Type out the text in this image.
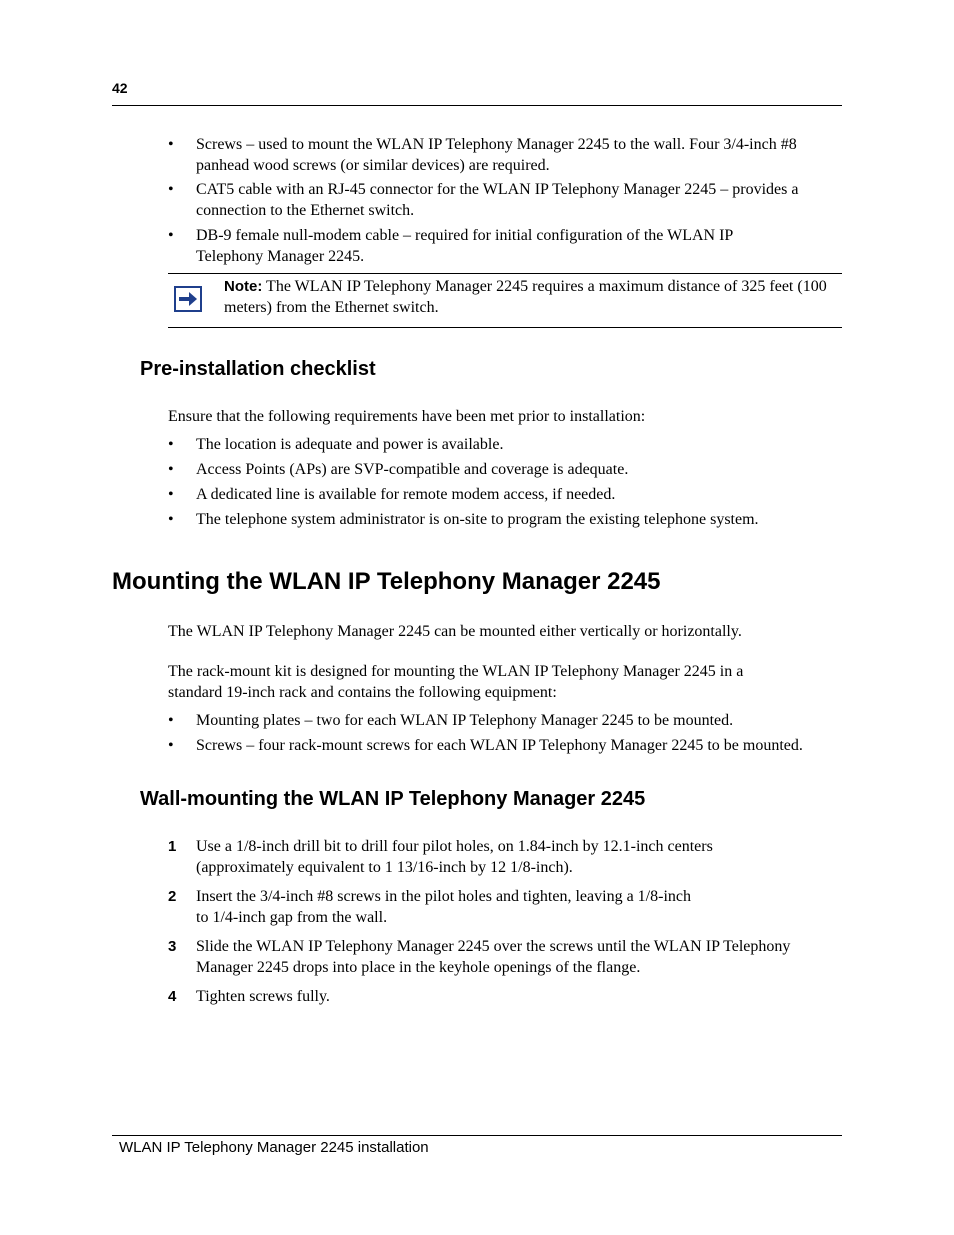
42
• Screws – used to mount the WLAN IP Telephony Manager 2245 to the wall. Four 3/4-inch #8 panhead wood screws (or similar devices) are required.
• CAT5 cable with an RJ-45 connector for the WLAN IP Telephony Manager 2245 – provides a connection to the Ethernet switch.
• DB-9 female null-modem cable – required for initial configuration of the WLAN IP Telephony Manager 2245.
Note: The WLAN IP Telephony Manager 2245 requires a maximum distance of 325 feet (100 meters) from the Ethernet switch.
Pre-installation checklist

Ensure that the following requirements have been met prior to installation:

• The location is adequate and power is available.
• Access Points (APs) are SVP-compatible and coverage is adequate.
• A dedicated line is available for remote modem access, if needed.
• The telephone system administrator is on-site to program the existing telephone system.
Mounting the WLAN IP Telephony Manager 2245

The WLAN IP Telephony Manager 2245 can be mounted either vertically or horizontally.

The rack-mount kit is designed for mounting the WLAN IP Telephony Manager 2245 in a standard 19-inch rack and contains the following equipment:

• Mounting plates – two for each WLAN IP Telephony Manager 2245 to be mounted.
• Screws – four rack-mount screws for each WLAN IP Telephony Manager 2245 to be mounted.
Wall-mounting the WLAN IP Telephony Manager 2245
1 Use a 1/8-inch drill bit to drill four pilot holes, on 1.84-inch by 12.1-inch centers (approximately equivalent to 1 13/16-inch by 12 1/8-inch).
2 Insert the 3/4-inch #8 screws in the pilot holes and tighten, leaving a 1/8-inch to 1/4-inch gap from the wall.
3 Slide the WLAN IP Telephony Manager 2245 over the screws until the WLAN IP Telephony Manager 2245 drops into place in the keyhole openings of the flange.
4 Tighten screws fully.
WLAN IP Telephony Manager 2245 installation
